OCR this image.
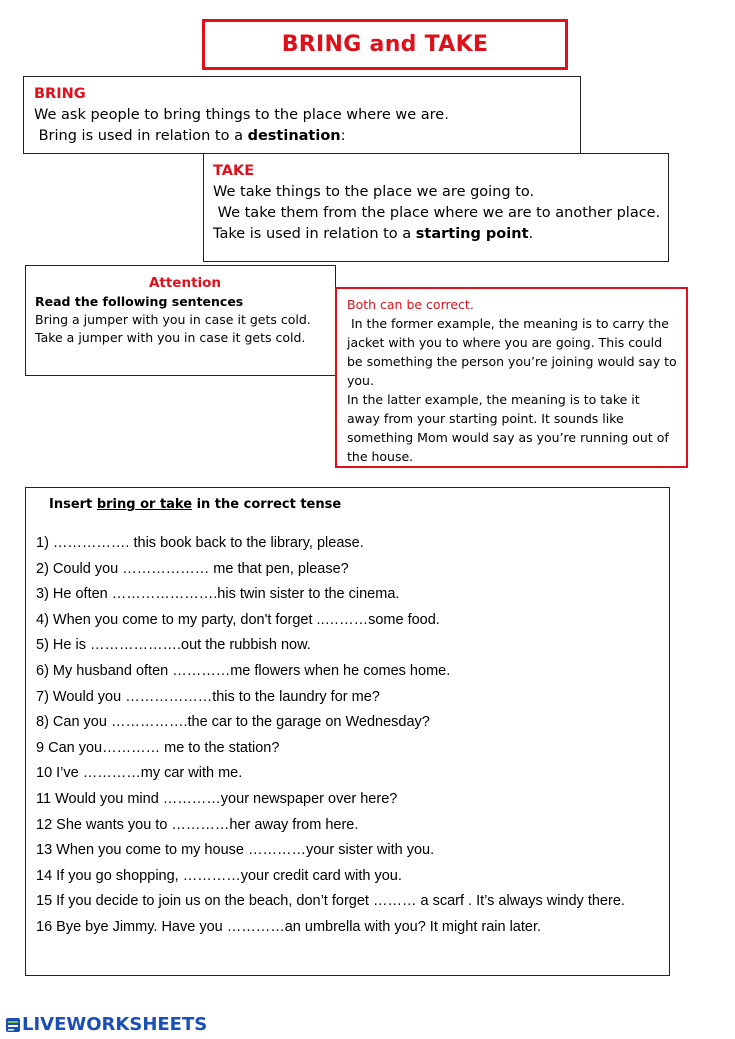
BRING and TAKE

BRING

We ask people to bring things to the place where we are.

Bring is used in relation to a destination:

TAKE

We take things to the place we are going to.

We take them from the place where we are to another place.

Take is used in relation to a starting point.

Attention

Read the following sentences

Bring a jumper with you in case it gets cold.

Take a jumper with you in case it gets cold.

Both can be correct.

In the former example, the meaning is to carry the

jacket with you to where you are going. This could

be something the person you’re joining would say to

you.

In the latter example, the meaning is to take it

away from your starting point. It sounds like

something Mom would say as you’re running out of

the house.

Insert bring or take in the correct tense
1) ……………. this book back to the library, please.
2) Could you ……………… me that pen, please?
3) He often ………………….his twin sister to the cinema.
4) When you come to my party, don't forget ..………some food.
5) He is ……………….out the rubbish now.
6) My husband often …………me flowers when he comes home.
7) Would you ………………this to the laundry for me?
8) Can you …………….the car to the garage on Wednesday?
9 Can you………… me to the station?
10 I’ve …………my car with me.
11 Would you mind …………your newspaper over here?
12 She wants you to …………her away from here.
13 When you come to my house …………your sister with you.
14 If you go shopping, …………your credit card with you.
15 If you decide to join us on the beach, don’t forget ……… a scarf . It’s always windy there.
16 Bye bye Jimmy. Have you …………an umbrella with you? It might rain later.
LIVEWORKSHEETS
